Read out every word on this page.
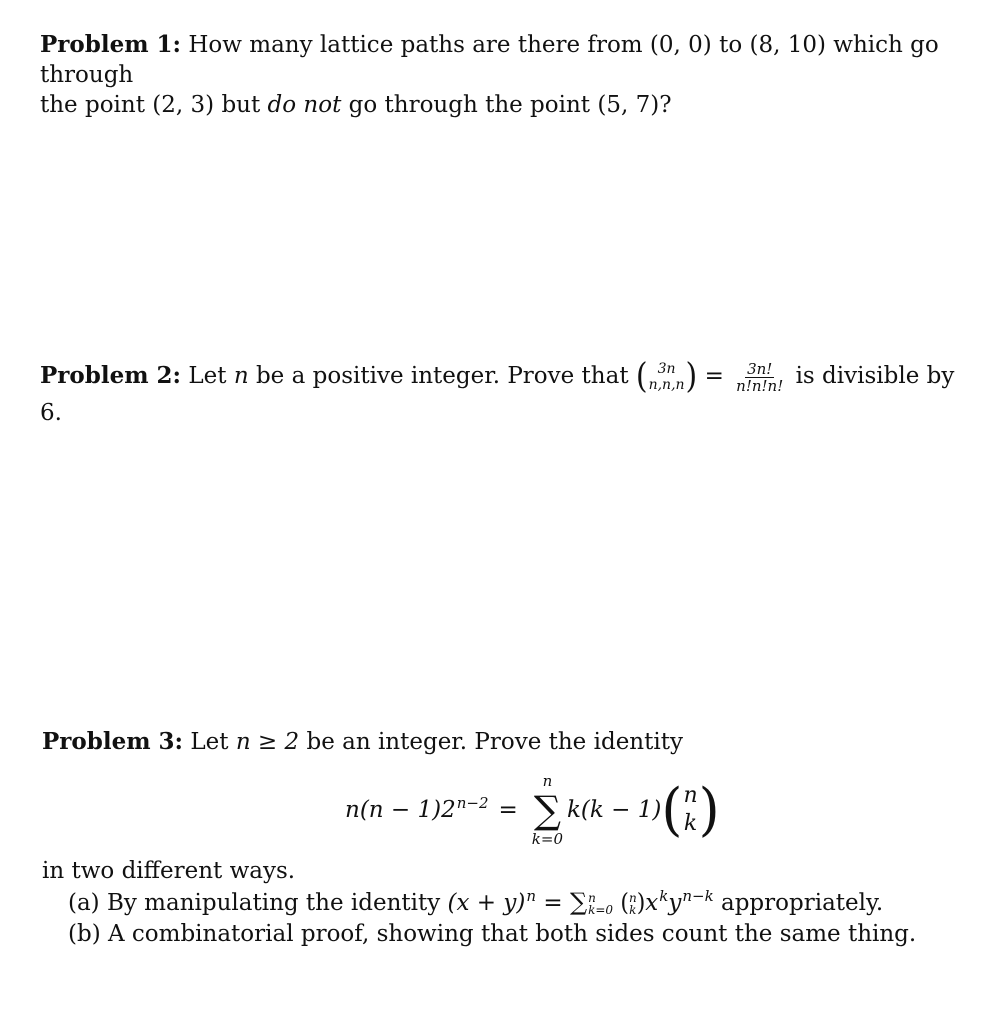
Problem 1: How many lattice paths are there from (0, 0) to (8, 10) which go through
the point (2, 3) but do not go through the point (5, 7)?
Problem 2: Let n be a positive integer. Prove that ( 3n
n,n,n ) = $\frac{3n!}{n!n!n!}$ is divisible by 6.
Problem 3: Let n ≥ 2 be an integer. Prove the identity
$n(n - 1)2^{n-2}$ =
n
∑
k=0
k(k − 1) ( n
k )
in two different ways.
(a) By manipulating the identity $(x + y)^n$ = ∑ n
k=0
( n
k ) $x^ky^{n-k}$ appropriately.
(b) A combinatorial proof, showing that both sides count the same thing.
